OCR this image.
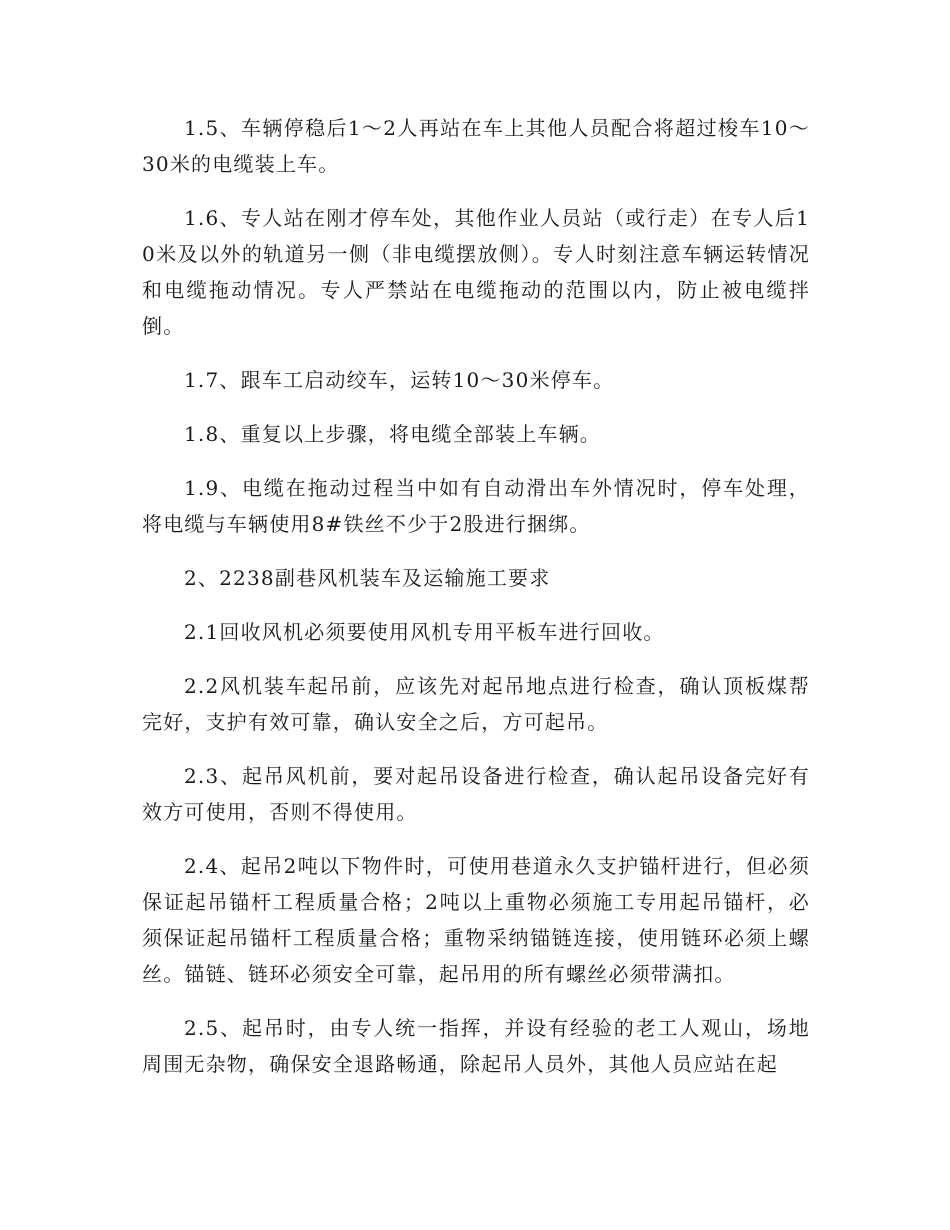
1.5、车辆停稳后1～2人再站在车上其他人员配合将超过梭车10～30米的电缆装上车。

1.6、专人站在刚才停车处，其他作业人员站（或行走）在专人后10米及以外的轨道另一侧（非电缆摆放侧）。专人时刻注意车辆运转情况和电缆拖动情况。专人严禁站在电缆拖动的范围以内，防止被电缆拌倒。

1.7、跟车工启动绞车，运转10～30米停车。

1.8、重复以上步骤，将电缆全部装上车辆。

1.9、电缆在拖动过程当中如有自动滑出车外情况时，停车处理，将电缆与车辆使用8#铁丝不少于2股进行捆绑。

2、2238副巷风机装车及运输施工要求

2.1回收风机必须要使用风机专用平板车进行回收。

2.2风机装车起吊前，应该先对起吊地点进行检查，确认顶板煤帮完好，支护有效可靠，确认安全之后，方可起吊。

2.3、起吊风机前，要对起吊设备进行检查，确认起吊设备完好有效方可使用，否则不得使用。

2.4、起吊2吨以下物件时，可使用巷道永久支护锚杆进行，但必须保证起吊锚杆工程质量合格；2吨以上重物必须施工专用起吊锚杆，必须保证起吊锚杆工程质量合格；重物采纳锚链连接，使用链环必须上螺丝。锚链、链环必须安全可靠，起吊用的所有螺丝必须带满扣。

2.5、起吊时，由专人统一指挥，并设有经验的老工人观山，场地周围无杂物，确保安全退路畅通，除起吊人员外，其他人员应站在起
